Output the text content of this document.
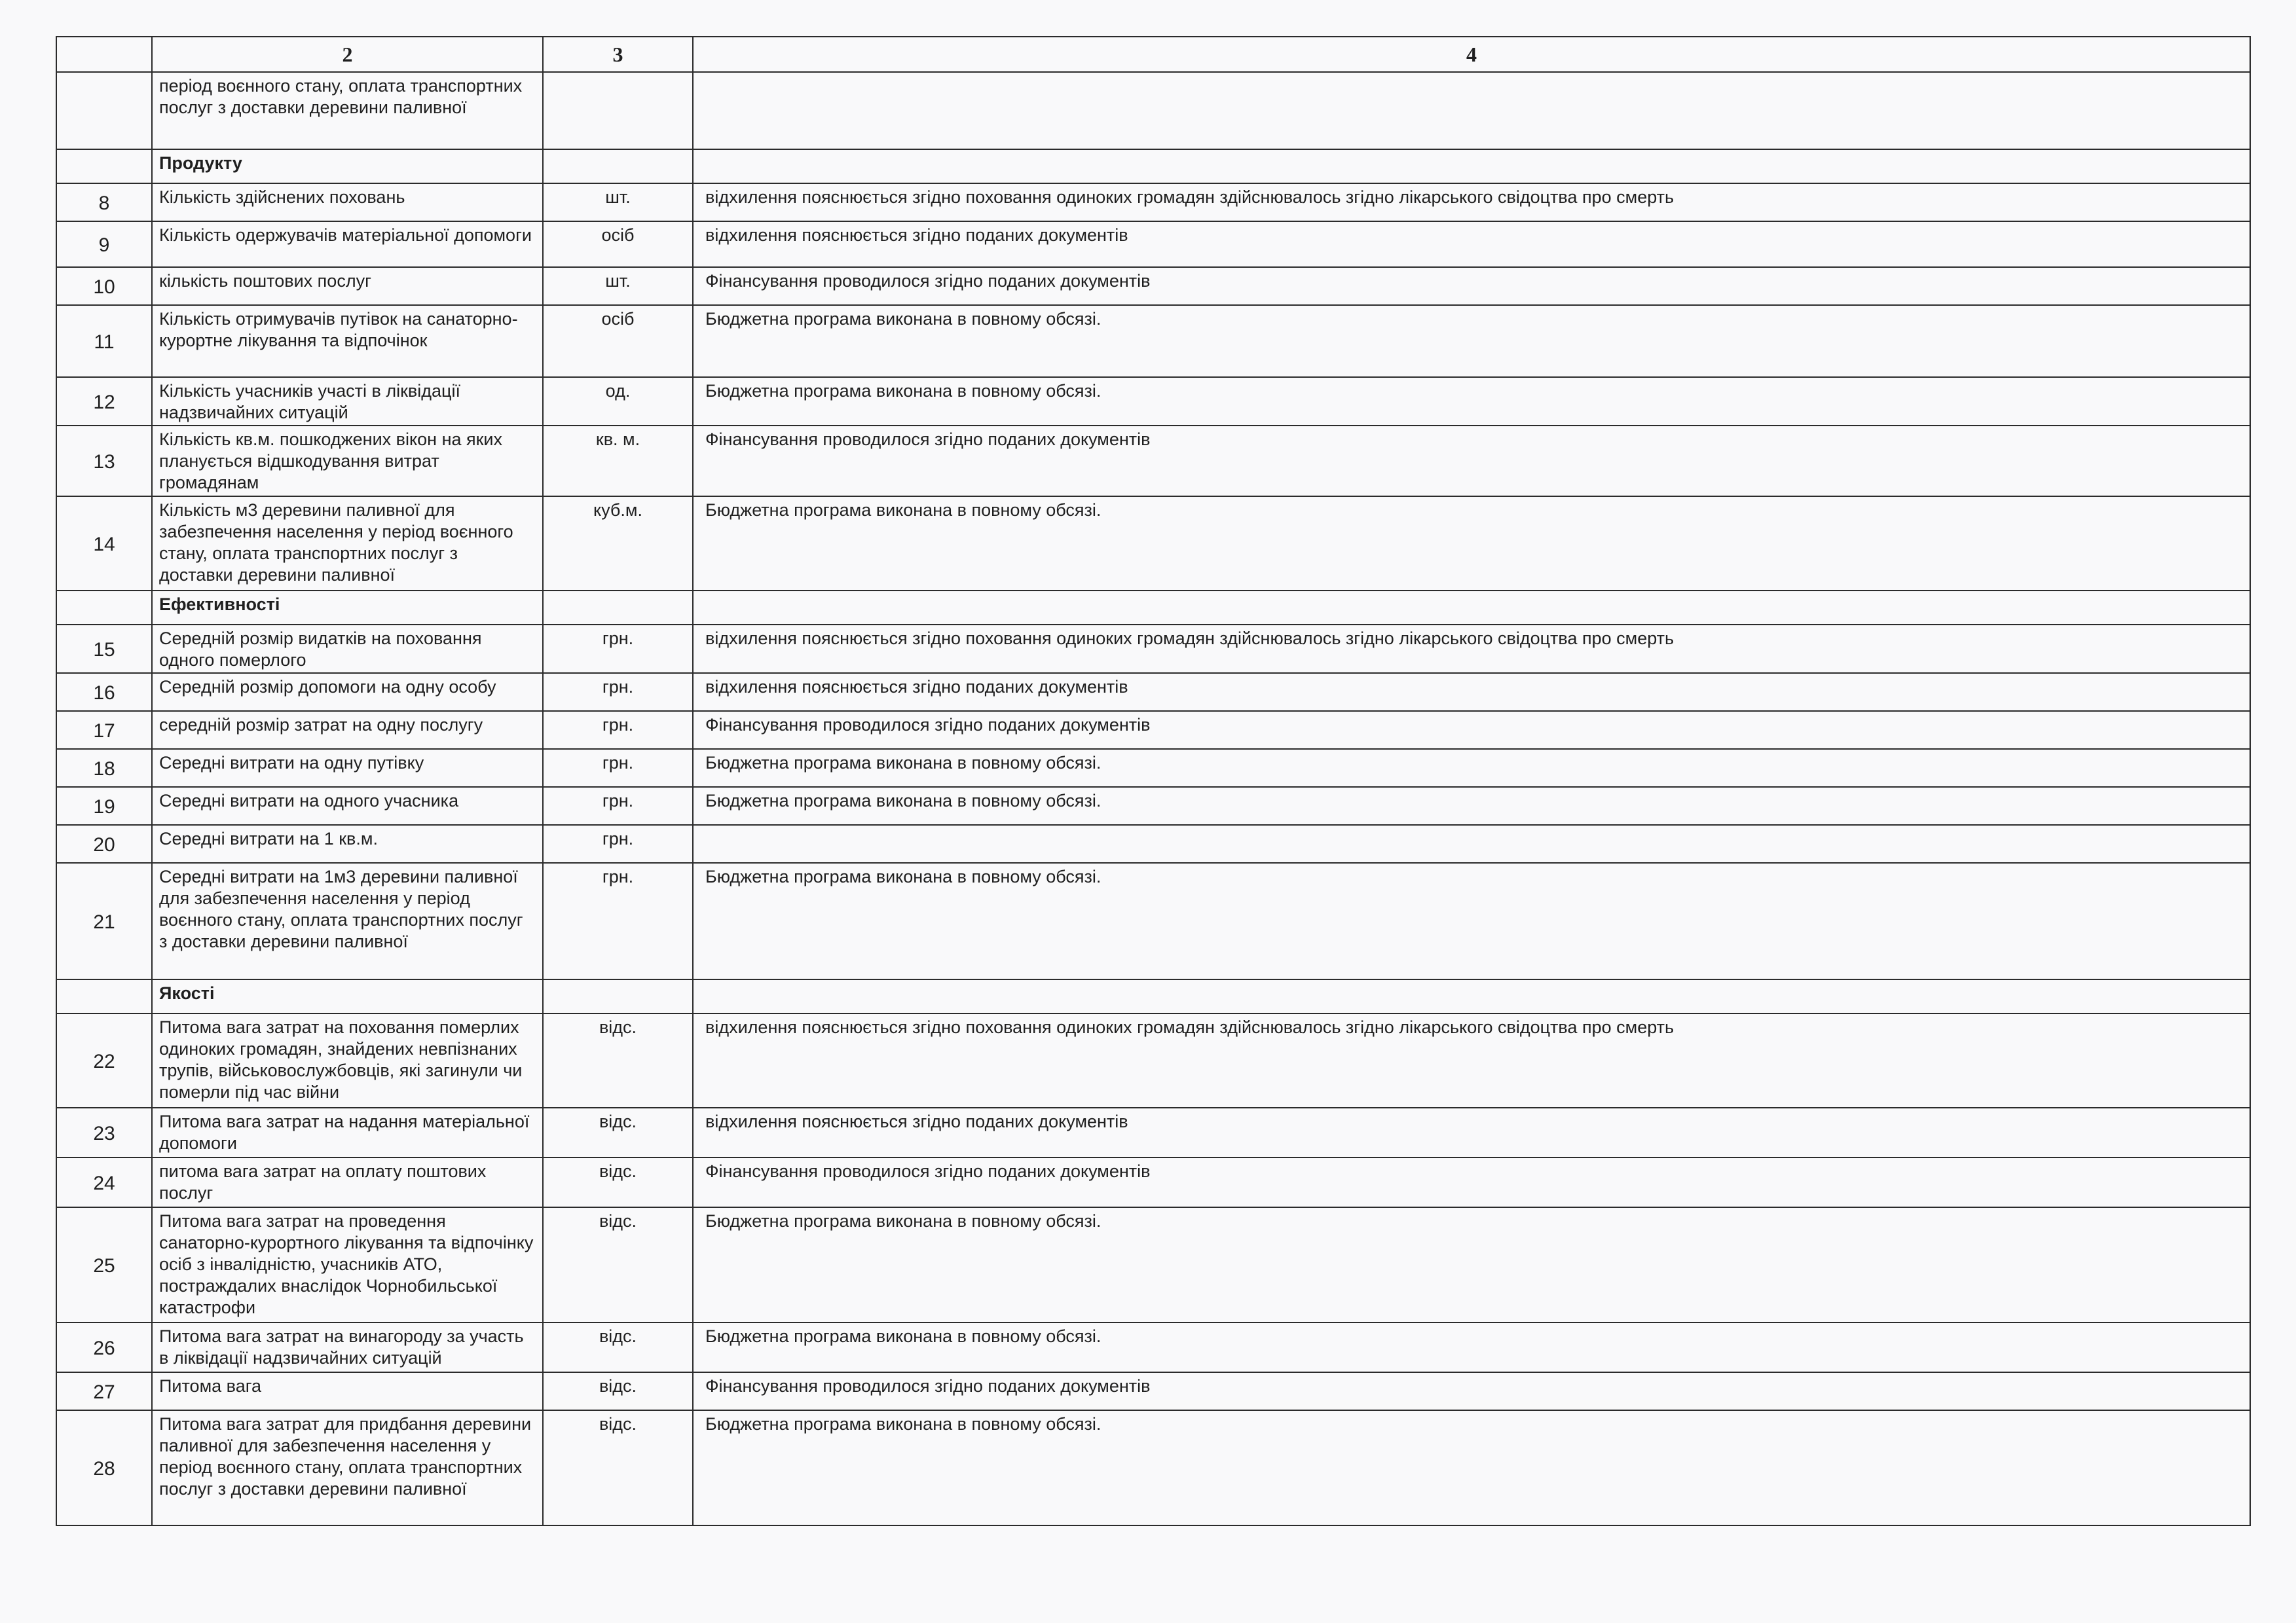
	2	3	4
	період воєнного стану, оплата транспортних послуг з доставки деревини паливної		
	Продукту		
8	Кількість здійснених поховань	шт.	відхилення пояснюється згідно поховання одиноких громадян здійснювалось згідно лікарського свідоцтва про смерть
9	Кількість одержувачів матеріальної допомоги	осіб	відхилення пояснюється згідно поданих документів
10	кількість поштових послуг	шт.	Фінансування проводилося згідно поданих документів
11	Кількість отримувачів путівок на санаторно-курортне лікування та відпочінок	осіб	Бюджетна програма виконана в повному обсязі.
12	Кількість учасників участі в ліквідації надзвичайних ситуацій	од.	Бюджетна програма виконана в повному обсязі.
13	Кількість кв.м. пошкоджених вікон на яких планується відшкодування витрат громадянам	кв. м.	Фінансування проводилося згідно поданих документів
14	Кількість м3 деревини паливної для забезпечення населення у період воєнного стану, оплата транспортних послуг з доставки деревини паливної	куб.м.	Бюджетна програма виконана в повному обсязі.
	Ефективності		
15	Середній розмір видатків на поховання одного померлого	грн.	відхилення пояснюється згідно поховання одиноких громадян здійснювалось згідно лікарського свідоцтва про смерть
16	Середній розмір допомоги на одну особу	грн.	відхилення пояснюється згідно поданих документів
17	середній розмір затрат на одну послугу	грн.	Фінансування проводилося згідно поданих документів
18	Середні витрати на одну путівку	грн.	Бюджетна програма виконана в повному обсязі.
19	Середні витрати на одного учасника	грн.	Бюджетна програма виконана в повному обсязі.
20	Середні витрати на 1 кв.м.	грн.	
21	Середні витрати на 1м3 деревини паливної для забезпечення населення у період воєнного стану, оплата транспортних послуг з доставки деревини паливної	грн.	Бюджетна програма виконана в повному обсязі.
	Якості		
22	Питома вага затрат на поховання померлих одиноких громадян, знайдених невпізнаних трупів, військовослужбовців, які загинули чи померли під час війни	відс.	відхилення пояснюється згідно поховання одиноких громадян здійснювалось згідно лікарського свідоцтва про смерть
23	Питома вага затрат на надання матеріальної допомоги	відс.	відхилення пояснюється згідно поданих документів
24	питома вага затрат на оплату поштових послуг	відс.	Фінансування проводилося згідно поданих документів
25	Питома вага затрат на проведення санаторно-курортного лікування та відпочінку осіб з інвалідністю, учасників АТО, постраждалих внаслідок Чорнобильської катастрофи	відс.	Бюджетна програма виконана в повному обсязі.
26	Питома вага затрат на винагороду за участь в ліквідації надзвичайних ситуацій	відс.	Бюджетна програма виконана в повному обсязі.
27	Питома вага	відс.	Фінансування проводилося згідно поданих документів
28	Питома вага затрат для придбання деревини паливної для забезпечення населення у період воєнного стану, оплата транспортних послуг з доставки деревини паливної	відс.	Бюджетна програма виконана в повному обсязі.
